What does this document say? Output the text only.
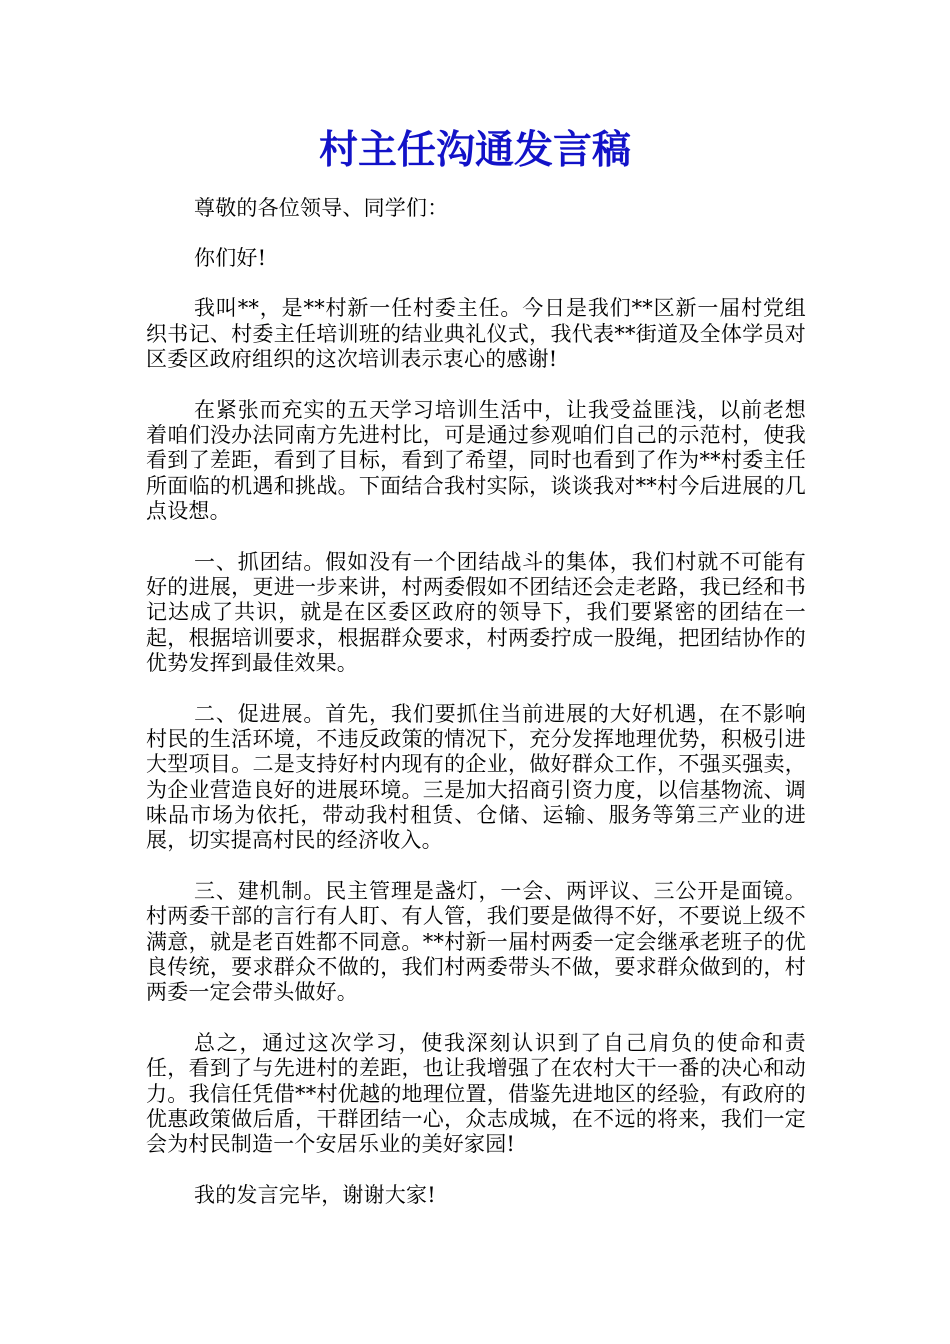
村主任沟通发言稿

尊敬的各位领导、同学们：

你们好!

我叫**，是**村新一任村委主任。今日是我们**区新一届村党组织书记、村委主任培训班的结业典礼仪式，我代表**街道及全体学员对区委区政府组织的这次培训表示衷心的感谢!

在紧张而充实的五天学习培训生活中，让我受益匪浅，以前老想着咱们没办法同南方先进村比，可是通过参观咱们自己的示范村，使我看到了差距，看到了目标，看到了希望，同时也看到了作为**村委主任所面临的机遇和挑战。下面结合我村实际，谈谈我对**村今后进展的几点设想。

一、抓团结。假如没有一个团结战斗的集体，我们村就不可能有好的进展，更进一步来讲，村两委假如不团结还会走老路，我已经和书记达成了共识，就是在区委区政府的领导下，我们要紧密的团结在一起，根据培训要求，根据群众要求，村两委拧成一股绳，把团结协作的优势发挥到最佳效果。

二、促进展。首先，我们要抓住当前进展的大好机遇，在不影响村民的生活环境，不违反政策的情况下，充分发挥地理优势，积极引进大型项目。二是支持好村内现有的企业，做好群众工作，不强买强卖，为企业营造良好的进展环境。三是加大招商引资力度，以信基物流、调味品市场为依托，带动我村租赁、仓储、运输、服务等第三产业的进展，切实提高村民的经济收入。

三、建机制。民主管理是盏灯，一会、两评议、三公开是面镜。村两委干部的言行有人盯、有人管，我们要是做得不好，不要说上级不满意，就是老百姓都不同意。**村新一届村两委一定会继承老班子的优良传统，要求群众不做的，我们村两委带头不做，要求群众做到的，村两委一定会带头做好。

总之，通过这次学习，使我深刻认识到了自己肩负的使命和责任，看到了与先进村的差距，也让我增强了在农村大干一番的决心和动力。我信任凭借**村优越的地理位置，借鉴先进地区的经验，有政府的优惠政策做后盾，干群团结一心，众志成城，在不远的将来，我们一定会为村民制造一个安居乐业的美好家园!

我的发言完毕，谢谢大家!
